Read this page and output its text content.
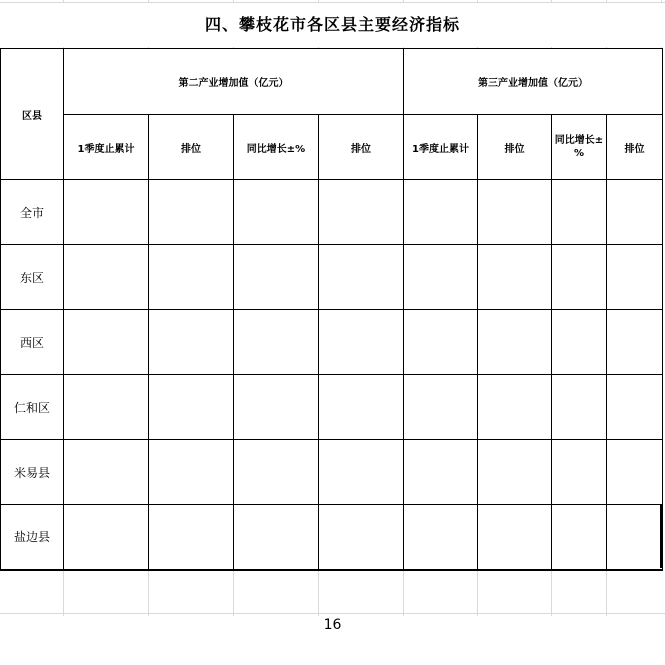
四、攀枝花市各区县主要经济指标
区县	第二产业增加值（亿元）				第三产业增加值（亿元）			
	1季度止累计	排位	同比增长±%	排位	1季度止累计	排位	同比增长±%	排位
全市								
东区								
西区								
仁和区								
米易县								
盐边县								
16
